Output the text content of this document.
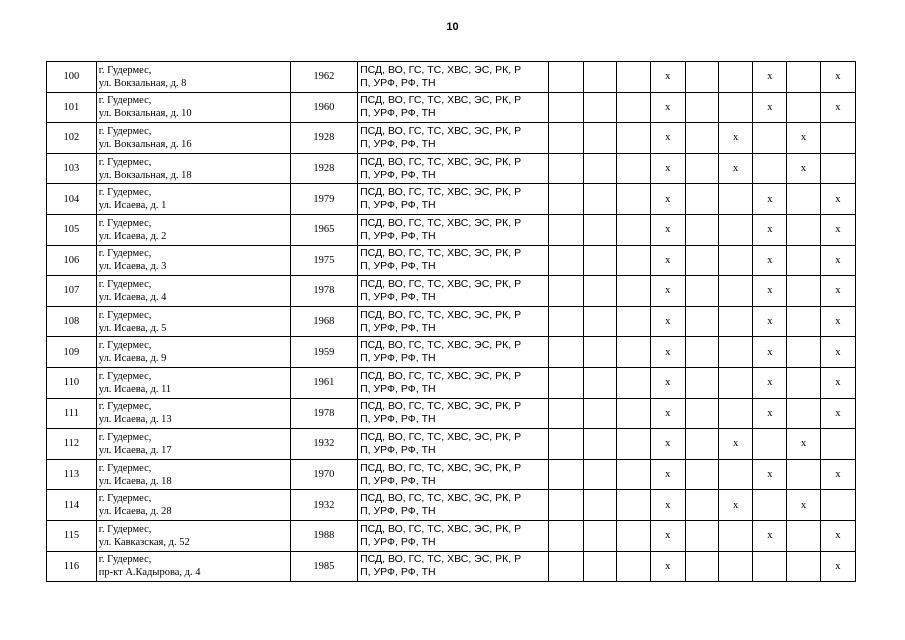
10
100	г. Гудермес,
ул. Вокзальная, д. 8	1962	ПСД, ВО, ГС, ТС, ХВС, ЭС, РК, Р
П, УРФ, РФ, ТН				x			x		x

101	г. Гудермес,
ул. Вокзальная, д. 10	1960	ПСД, ВО, ГС, ТС, ХВС, ЭС, РК, Р
П, УРФ, РФ, ТН				x			x		x

102	г. Гудермес,
ул. Вокзальная, д. 16	1928	ПСД, ВО, ГС, ТС, ХВС, ЭС, РК, Р
П, УРФ, РФ, ТН				x		x		x	

103	г. Гудермес,
ул. Вокзальная, д. 18	1928	ПСД, ВО, ГС, ТС, ХВС, ЭС, РК, Р
П, УРФ, РФ, ТН				x		x		x	

104	г. Гудермес,
ул. Исаева, д. 1	1979	ПСД, ВО, ГС, ТС, ХВС, ЭС, РК, Р
П, УРФ, РФ, ТН				x			x		x

105	г. Гудермес,
ул. Исаева, д. 2	1965	ПСД, ВО, ГС, ТС, ХВС, ЭС, РК, Р
П, УРФ, РФ, ТН				x			x		x

106	г. Гудермес,
ул. Исаева, д. 3	1975	ПСД, ВО, ГС, ТС, ХВС, ЭС, РК, Р
П, УРФ, РФ, ТН				x			x		x

107	г. Гудермес,
ул. Исаева, д. 4	1978	ПСД, ВО, ГС, ТС, ХВС, ЭС, РК, Р
П, УРФ, РФ, ТН				x			x		x

108	г. Гудермес,
ул. Исаева, д. 5	1968	ПСД, ВО, ГС, ТС, ХВС, ЭС, РК, Р
П, УРФ, РФ, ТН				x			x		x

109	г. Гудермес,
ул. Исаева, д. 9	1959	ПСД, ВО, ГС, ТС, ХВС, ЭС, РК, Р
П, УРФ, РФ, ТН				x			x		x

110	г. Гудермес,
ул. Исаева, д. 11	1961	ПСД, ВО, ГС, ТС, ХВС, ЭС, РК, Р
П, УРФ, РФ, ТН				x			x		x

111	г. Гудермес,
ул. Исаева, д. 13	1978	ПСД, ВО, ГС, ТС, ХВС, ЭС, РК, Р
П, УРФ, РФ, ТН				x			x		x

112	г. Гудермес,
ул. Исаева, д. 17	1932	ПСД, ВО, ГС, ТС, ХВС, ЭС, РК, Р
П, УРФ, РФ, ТН				x		x		x	

113	г. Гудермес,
ул. Исаева, д. 18	1970	ПСД, ВО, ГС, ТС, ХВС, ЭС, РК, Р
П, УРФ, РФ, ТН				x			x		x

114	г. Гудермес,
ул. Исаева, д. 28	1932	ПСД, ВО, ГС, ТС, ХВС, ЭС, РК, Р
П, УРФ, РФ, ТН				x		x		x	

115	г. Гудермес,
ул. Кавказская, д. 52	1988	ПСД, ВО, ГС, ТС, ХВС, ЭС, РК, Р
П, УРФ, РФ, ТН				x			x		x

116	г. Гудермес,
пр-кт А.Кадырова, д. 4	1985	ПСД, ВО, ГС, ТС, ХВС, ЭС, РК, Р
П, УРФ, РФ, ТН				x					x
